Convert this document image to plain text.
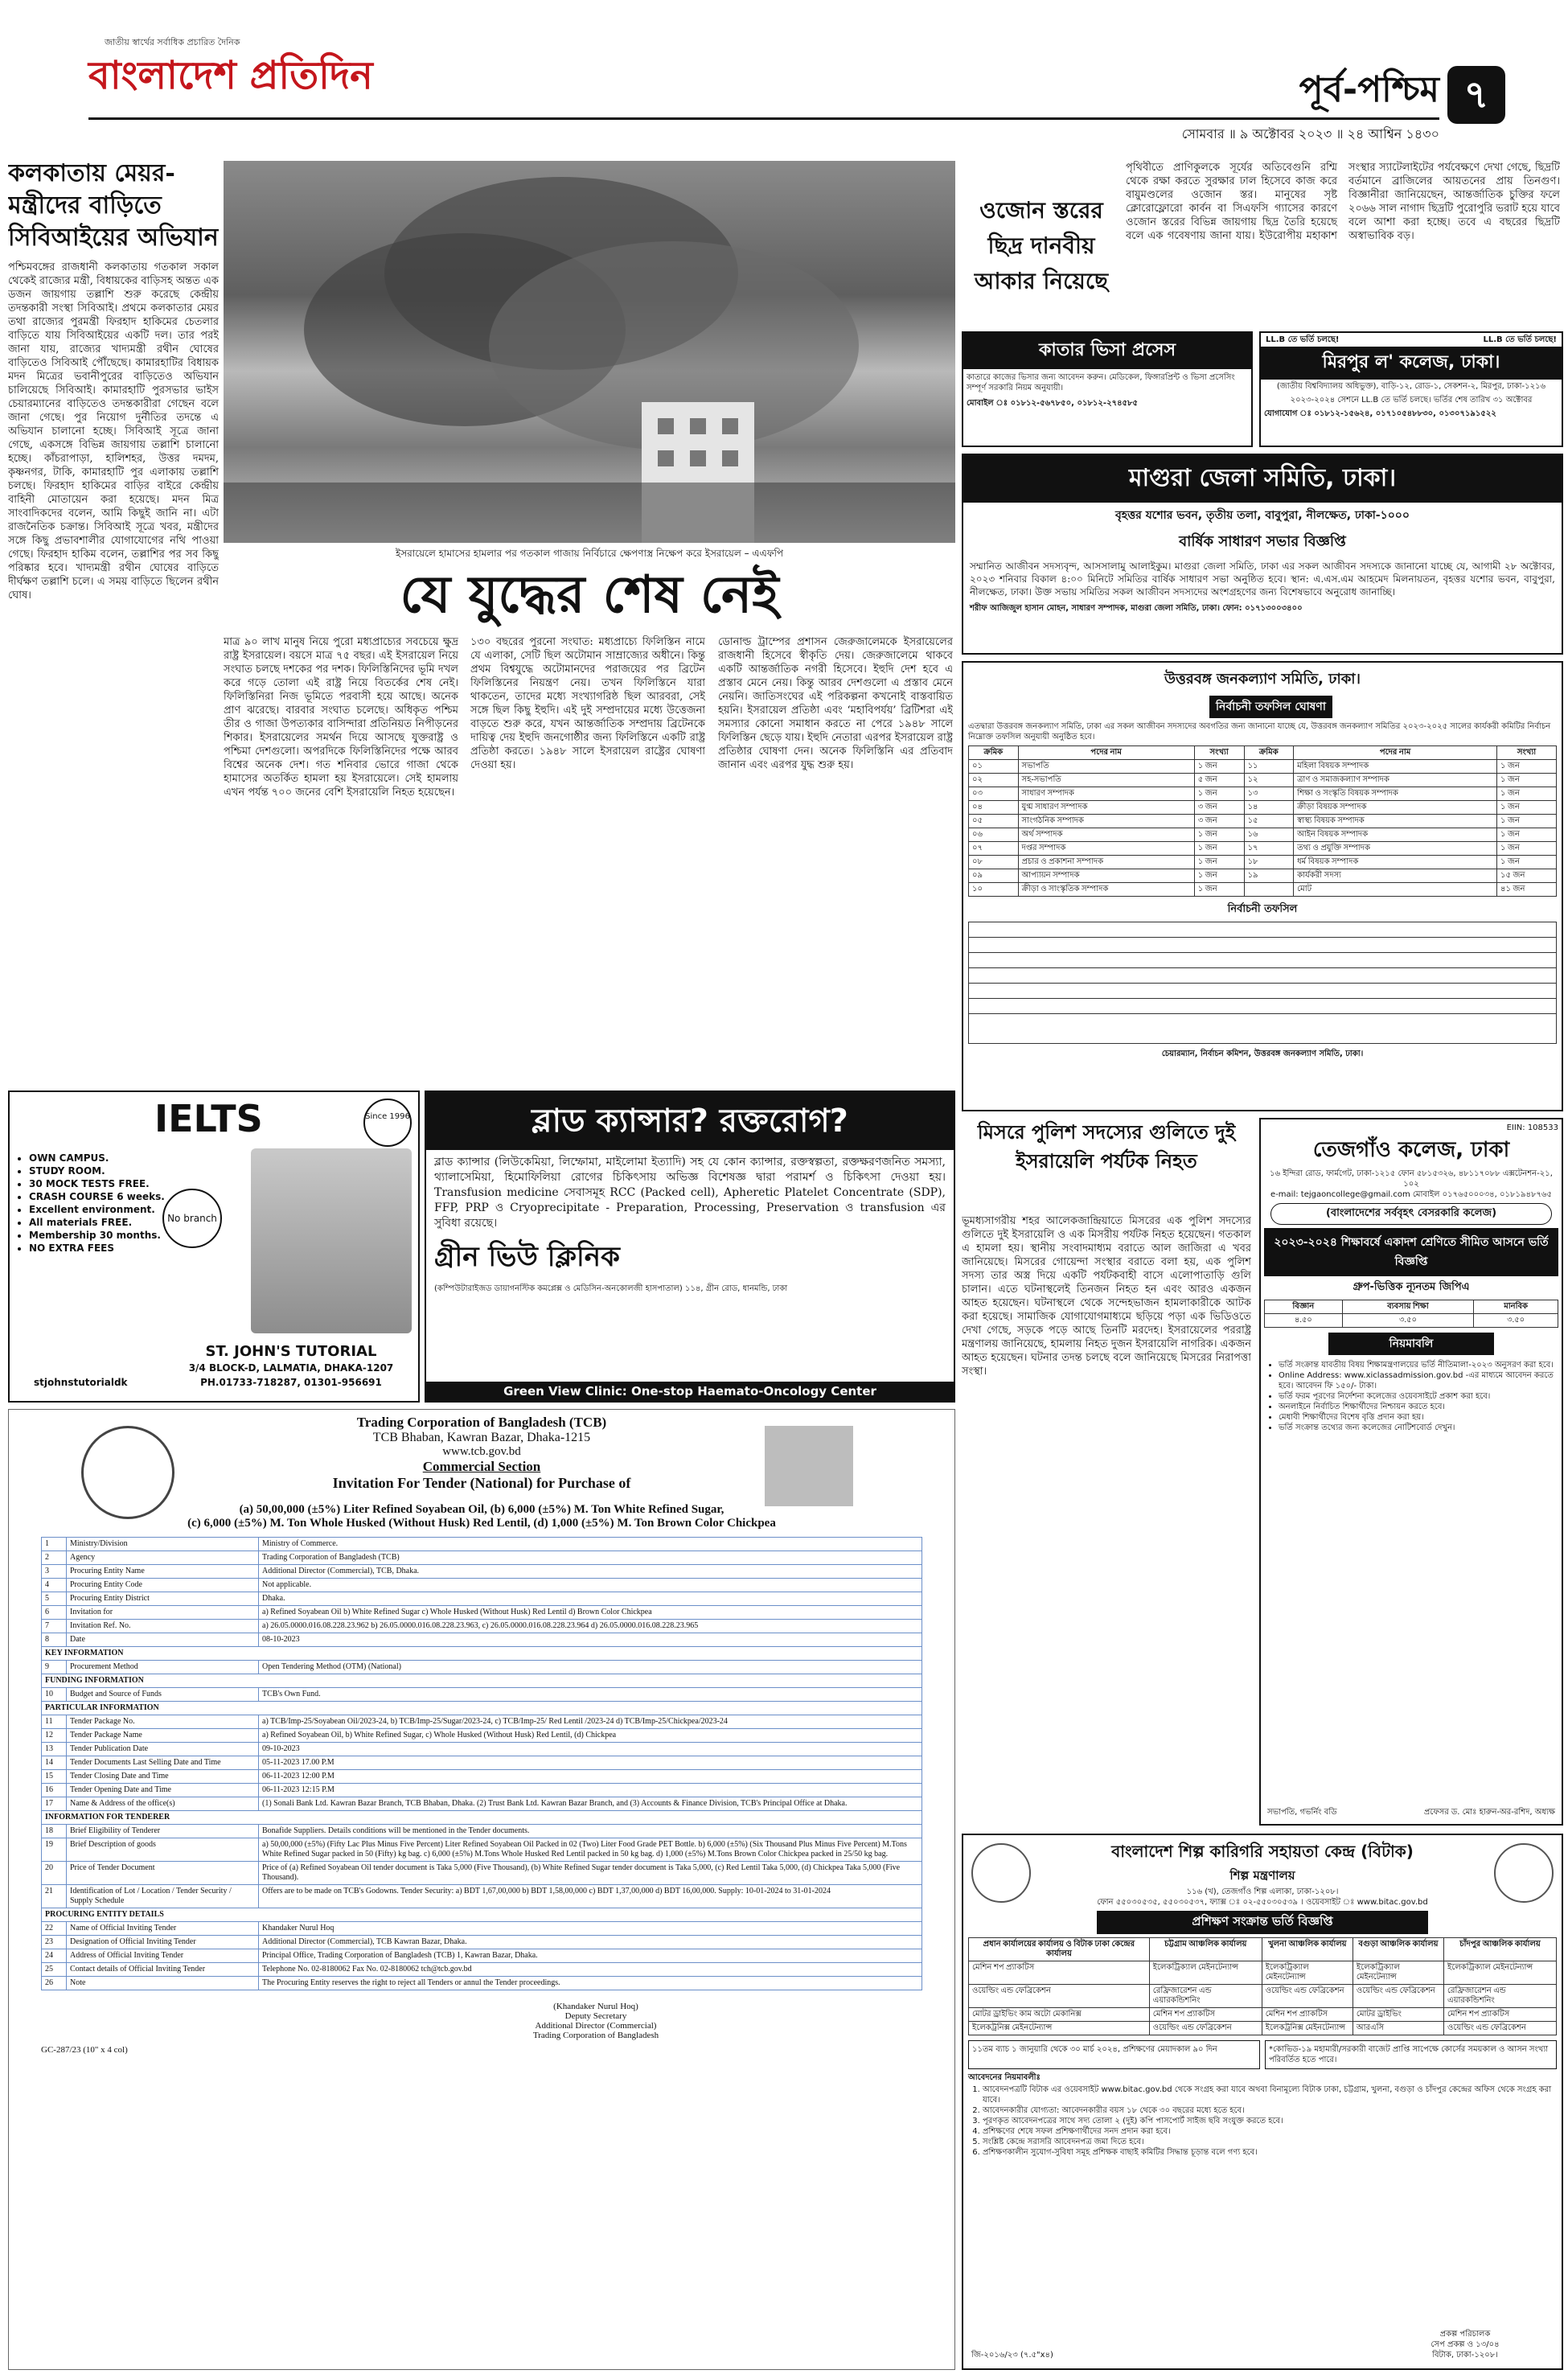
জাতীয় স্বার্থের সর্বাধিক প্রচারিত দৈনিক
বাংলাদেশ প্রতিদিন	পূর্ব-পশ্চিম ৭
সোমবার ॥ ৯ অক্টোবর ২০২৩ ॥ ২৪ আশ্বিন ১৪৩০
কলকাতায় মেয়র-মন্ত্রীদের বাড়িতে সিবিআইয়ের অভিযান
পশ্চিমবঙ্গের রাজধানী কলকাতায় গতকাল সকাল থেকেই রাজ্যের মন্ত্রী, বিধায়কের বাড়িসহ অন্তত এক ডজন জায়গায় তল্লাশি শুরু করেছে কেন্দ্রীয় তদন্তকারী সংস্থা সিবিআই। প্রথমে কলকাতার মেয়র তথা রাজ্যের পুরমন্ত্রী ফিরহাদ হাকিমের চেতলার বাড়িতে যায় সিবিআইয়ের একটি দল। তার পরই জানা যায়, রাজ্যের খাদ্যমন্ত্রী রথীন ঘোষের বাড়িতেও সিবিআই পৌঁছেছে। কামারহাটির বিধায়ক মদন মিত্রের ভবানীপুরের বাড়িতেও অভিযান চালিয়েছে সিবিআই। কামারহাটি পুরসভার ভাইস চেয়ারম্যানের বাড়িতেও তদন্তকারীরা গেছেন বলে জানা গেছে। পুর নিয়োগ দুর্নীতির তদন্তে এ অভিযান চালানো হচ্ছে। সিবিআই সূত্রে জানা গেছে, একসঙ্গে বিভিন্ন জায়গায় তল্লাশি চালানো হচ্ছে। কাঁচরাপাড়া, হালিশহর, উত্তর দমদম, কৃষ্ণনগর, টাকি, কামারহাটি পুর এলাকায় তল্লাশি চলছে। ফিরহাদ হাকিমের বাড়ির বাইরে কেন্দ্রীয় বাহিনী মোতায়েন করা হয়েছে। মদন মিত্র সাংবাদিকদের বলেন, আমি কিছুই জানি না। এটা রাজনৈতিক চক্রান্ত। সিবিআই সূত্রে খবর, মন্ত্রীদের সঙ্গে কিছু প্রভাবশালীর যোগাযোগের নথি পাওয়া গেছে। ফিরহাদ হাকিম বলেন, তল্লাশির পর সব কিছু পরিষ্কার হবে। খাদ্যমন্ত্রী রথীন ঘোষের বাড়িতে দীর্ঘক্ষণ তল্লাশি চলে। এ সময় বাড়িতে ছিলেন রথীন ঘোষ।
ইসরায়েলে হামাসের হামলার পর গতকাল গাজায় নির্বিচারে ক্ষেপণাস্ত্র নিক্ষেপ করে ইসরায়েল – এএফপি
যে যুদ্ধের শেষ নেই
মাত্র ৯০ লাখ মানুষ নিয়ে পুরো মধ্যপ্রাচ্যের সবচেয়ে ক্ষুদ্র রাষ্ট্র ইসরায়েল। বয়সে মাত্র ৭৫ বছর। এই ইসরায়েল নিয়ে সংঘাত চলছে দশকের পর দশক। ফিলিস্তিনিদের ভূমি দখল করে গড়ে তোলা এই রাষ্ট্র নিয়ে বিতর্কের শেষ নেই। ফিলিস্তিনিরা নিজ ভূমিতে পরবাসী হয়ে আছে। অনেক প্রাণ ঝরেছে। বারবার সংঘাত চলেছে। অধিকৃত পশ্চিম তীর ও গাজা উপত্যকার বাসিন্দারা প্রতিনিয়ত নিপীড়নের শিকার। ইসরায়েলের সমর্থন দিয়ে আসছে যুক্তরাষ্ট্র ও পশ্চিমা দেশগুলো। অপরদিকে ফিলিস্তিনিদের পক্ষে আরব বিশ্বের অনেক দেশ। গত শনিবার ভোরে গাজা থেকে হামাসের অতর্কিত হামলা হয় ইসরায়েলে। সেই হামলায় এখন পর্যন্ত ৭০০ জনের বেশি ইসরায়েলি নিহত হয়েছেন।
১৩০ বছরের পুরনো সংঘাত: মধ্যপ্রাচ্যে ফিলিস্তিন নামে যে এলাকা, সেটি ছিল অটোমান সাম্রাজ্যের অধীনে। কিন্তু প্রথম বিশ্বযুদ্ধে অটোমানদের পরাজয়ের পর ব্রিটেন ফিলিস্তিনের নিয়ন্ত্রণ নেয়। তখন ফিলিস্তিনে যারা থাকতেন, তাদের মধ্যে সংখ্যাগরিষ্ঠ ছিল আরবরা, সেই সঙ্গে ছিল কিছু ইহুদি। এই দুই সম্প্রদায়ের মধ্যে উত্তেজনা বাড়তে শুরু করে, যখন আন্তর্জাতিক সম্প্রদায় ব্রিটেনকে দায়িত্ব দেয় ইহুদি জনগোষ্ঠীর জন্য ফিলিস্তিনে একটি রাষ্ট্র প্রতিষ্ঠা করতে। ১৯৪৮ সালে ইসরায়েল রাষ্ট্রের ঘোষণা দেওয়া হয়।
ডোনাল্ড ট্রাম্পের প্রশাসন জেরুজালেমকে ইসরায়েলের রাজধানী হিসেবে স্বীকৃতি দেয়। জেরুজালেমে থাকবে একটি আন্তর্জাতিক নগরী হিসেবে। ইহুদি দেশ হবে এ প্রস্তাব মেনে নেয়। কিন্তু আরব দেশগুলো এ প্রস্তাব মেনে নেয়নি। জাতিসংঘের এই পরিকল্পনা কখনোই বাস্তবায়িত হয়নি। ইসরায়েল প্রতিষ্ঠা এবং ‘মহাবিপর্যয়’ ব্রিটিশরা এই সমস্যার কোনো সমাধান করতে না পেরে ১৯৪৮ সালে ফিলিস্তিন ছেড়ে যায়। ইহুদি নেতারা এরপর ইসরায়েল রাষ্ট্র প্রতিষ্ঠার ঘোষণা দেন। অনেক ফিলিস্তিনি এর প্রতিবাদ জানান এবং এরপর যুদ্ধ শুরু হয়।
ওজোন স্তরের ছিদ্র দানবীয় আকার নিয়েছে
পৃথিবীতে প্রাণিকুলকে সূর্যের অতিবেগুনি রশ্মি থেকে রক্ষা করতে সুরক্ষার ঢাল হিসেবে কাজ করে বায়ুমণ্ডলের ওজোন স্তর। মানুষের সৃষ্ট ক্লোরোফ্লোরো কার্বন বা সিএফসি গ্যাসের কারণে ওজোন স্তরের বিভিন্ন জায়গায় ছিদ্র তৈরি হয়েছে বলে এক গবেষণায় জানা যায়। ইউরোপীয় মহাকাশ সংস্থার স্যাটেলাইটের পর্যবেক্ষণে দেখা গেছে, ছিদ্রটি বর্তমানে ব্রাজিলের আয়তনের প্রায় তিনগুণ। বিজ্ঞানীরা জানিয়েছেন, আন্তর্জাতিক চুক্তির ফলে ২০৬৬ সাল নাগাদ ছিদ্রটি পুরোপুরি ভরাট হয়ে যাবে বলে আশা করা হচ্ছে। তবে এ বছরের ছিদ্রটি অস্বাভাবিক বড়।
কাতার ভিসা প্রসেস
কাতারে কাজের ভিসার জন্য আবেদন করুন। মেডিকেল, ফিঙ্গারপ্রিন্ট ও ভিসা প্রসেসিং সম্পূর্ণ সরকারি নিয়ম অনুযায়ী।
মোবাইল ঃ ০১৮১২-৫৬৭৮৫০, ০১৮১২-২৭৪৫৮৫
LL.B তে ভর্তি চলছে!	LL.B তে ভর্তি চলছে!
মিরপুর ল' কলেজ, ঢাকা।
(জাতীয় বিশ্ববিদ্যালয় অধিভুক্ত), বাড়ি-১২, রোড-১, সেকশন-২, মিরপুর, ঢাকা-১২১৬
২০২৩-২০২৪ সেশনে LL.B তে ভর্তি চলছে। ভর্তির শেষ তারিখ ৩১ অক্টোবর
যোগাযোগ ঃ ০১৮১২-১৫৬২৪, ০১৭১০৫৪৮৮৩০, ০১৩০৭১৯১৫২২
মাগুরা জেলা সমিতি, ঢাকা।
বৃহত্তর যশোর ভবন, তৃতীয় তলা, বাবুপুরা, নীলক্ষেত, ঢাকা-১০০০
বার্ষিক সাধারণ সভার বিজ্ঞপ্তি
সম্মানিত আজীবন সদস্যবৃন্দ, আসসালামু আলাইকুম। মাগুরা জেলা সমিতি, ঢাকা এর সকল আজীবন সদস্যকে জানানো যাচ্ছে যে, আগামী ২৮ অক্টোবর, ২০২৩ শনিবার বিকাল ৪:০০ মিনিটে সমিতির বার্ষিক সাধারণ সভা অনুষ্ঠিত হবে। স্থান: এ.এস.এম আহমেদ মিলনায়তন, বৃহত্তর যশোর ভবন, বাবুপুরা, নীলক্ষেত, ঢাকা। উক্ত সভায় সমিতির সকল আজীবন সদস্যদের অংশগ্রহণের জন্য বিশেষভাবে অনুরোধ জানাচ্ছি।
শরীফ আজিজুল হাসান মোহন, সাধারণ সম্পাদক, মাগুরা জেলা সমিতি, ঢাকা। ফোন: ০১৭১৩০০৩৪০০
উত্তরবঙ্গ জনকল্যাণ সমিতি, ঢাকা।
নির্বাচনী তফসিল ঘোষণা
এতদ্বারা উত্তরবঙ্গ জনকল্যাণ সমিতি, ঢাকা এর সকল আজীবন সদস্যদের অবগতির জন্য জানানো যাচ্ছে যে, উত্তরবঙ্গ জনকল্যাণ সমিতির ২০২৩-২০২৫ সালের কার্যকরী কমিটির নির্বাচন নিম্নোক্ত তফসিল অনুযায়ী অনুষ্ঠিত হবে।
ক্রমিক	পদের নাম	সংখ্যা	ক্রমিক	পদের নাম	সংখ্যা
০১	সভাপতি	১ জন	১১	মহিলা বিষয়ক সম্পাদক	১ জন
০২	সহ-সভাপতি	৫ জন	১২	ত্রাণ ও সমাজকল্যাণ সম্পাদক	১ জন
০৩	সাধারণ সম্পাদক	১ জন	১৩	শিক্ষা ও সংস্কৃতি বিষয়ক সম্পাদক	১ জন
০৪	যুগ্ম সাধারণ সম্পাদক	৩ জন	১৪	ক্রীড়া বিষয়ক সম্পাদক	১ জন
০৫	সাংগঠনিক সম্পাদক	৩ জন	১৫	স্বাস্থ্য বিষয়ক সম্পাদক	১ জন
০৬	অর্থ সম্পাদক	১ জন	১৬	আইন বিষয়ক সম্পাদক	১ জন
০৭	দপ্তর সম্পাদক	১ জন	১৭	তথ্য ও প্রযুক্তি সম্পাদক	১ জন
০৮	প্রচার ও প্রকাশনা সম্পাদক	১ জন	১৮	ধর্ম বিষয়ক সম্পাদক	১ জন
০৯	আপ্যায়ন সম্পাদক	১ জন	১৯	কার্যকরী সদস্য	১৫ জন
১০	ক্রীড়া ও সাংস্কৃতিক সম্পাদক	১ জন		মোট	৪১ জন
নির্বাচনী তফসিল
চেয়ারম্যান, নির্বাচন কমিশন, উত্তরবঙ্গ জনকল্যাণ সমিতি, ঢাকা।
IELTS	Since 1996
No branch
• OWN CAMPUS.
• STUDY ROOM.
• 30 MOCK TESTS FREE.
• CRASH COURSE 6 weeks.
• Excellent environment.
• All materials FREE.
• Membership 30 months.
• NO EXTRA FEES
ST. JOHN'S TUTORIAL
3/4 BLOCK-D, LALMATIA, DHAKA-1207
PH.01733-718287, 01301-956691
stjohnstutorialdk
ব্লাড ক্যান্সার? রক্তরোগ?
ব্লাড ক্যান্সার (লিউকেমিয়া, লিম্ফোমা, মাইলোমা ইত্যাদি) সহ যে কোন ক্যান্সার, রক্তস্বল্পতা, রক্তক্ষরণজনিত সমস্যা, থ্যালাসেমিয়া, হিমোফিলিয়া রোগের চিকিৎসায় অভিজ্ঞ বিশেষজ্ঞ দ্বারা পরামর্শ ও চিকিৎসা দেওয়া হয়। Transfusion medicine সেবাসমূহ RCC (Packed cell), Apheretic Platelet Concentrate (SDP), FFP, PRP ও Cryoprecipitate - Preparation, Processing, Preservation ও transfusion এর সুবিধা রয়েছে।
গ্রীন ভিউ ক্লিনিক
(কম্পিউটারাইজড ডায়াগনস্টিক কমপ্লেক্স ও মেডিসিন-অনকোলজী হাসপাতাল) ১১৪, গ্রীন রোড, ধানমন্ডি, ঢাকা
Green View Clinic: One-stop Haemato-Oncology Center
মিসরে পুলিশ সদস্যের গুলিতে দুই ইসরায়েলি পর্যটক নিহত
ভূমধ্যসাগরীয় শহর আলেকজান্দ্রিয়াতে মিসরের এক পুলিশ সদস্যের গুলিতে দুই ইসরায়েলি ও এক মিসরীয় পর্যটক নিহত হয়েছেন। গতকাল এ হামলা হয়। স্থানীয় সংবাদমাধ্যম বরাতে আল জাজিরা এ খবর জানিয়েছে। মিসরের গোয়েন্দা সংস্থার বরাতে বলা হয়, এক পুলিশ সদস্য তার অস্ত্র দিয়ে একটি পর্যটকবাহী বাসে এলোপাতাড়ি গুলি চালান। এতে ঘটনাস্থলেই তিনজন নিহত হন এবং আরও একজন আহত হয়েছেন। ঘটনাস্থলে থেকে সন্দেহভাজন হামলাকারীকে আটক করা হয়েছে। সামাজিক যোগাযোগমাধ্যমে ছড়িয়ে পড়া এক ভিডিওতে দেখা গেছে, সড়কে পড়ে আছে তিনটি মরদেহ। ইসরায়েলের পররাষ্ট্র মন্ত্রণালয় জানিয়েছে, হামলায় নিহত দুজন ইসরায়েলি নাগরিক। একজন আহত হয়েছেন। ঘটনার তদন্ত চলছে বলে জানিয়েছে মিসরের নিরাপত্তা সংস্থা।
EIIN: 108533
তেজগাঁও কলেজ, ঢাকা
১৬ ইন্দিরা রোড, ফার্মগেট, ঢাকা-১২১৫ ফোন ৫৮১৫৩২৬, ৪৮১১৭০৮৮ এক্সটেনশন-২১, ১০২
e-mail: tejgaoncollege@gmail.com মোবাইল ০১৭৬৫০০০৩৪, ০১৮১৯৪৮৭৬৫
(বাংলাদেশের সর্ববৃহৎ বেসরকারি কলেজ)
২০২৩-২০২৪ শিক্ষাবর্ষে একাদশ শ্রেণিতে সীমিত আসনে ভর্তি বিজ্ঞপ্তি
গ্রুপ-ভিত্তিক ন্যূনতম জিপিএ
বিজ্ঞান	ব্যবসায় শিক্ষা	মানবিক
৪.৫০	৩.৫০	৩.৫০
নিয়মাবলি
• ভর্তি সংক্রান্ত যাবতীয় বিষয় শিক্ষামন্ত্রণালয়ের ভর্তি নীতিমালা-২০২৩ অনুসরণ করা হবে।
• Online Address: www.xiclassadmission.gov.bd -এর মাধ্যমে আবেদন করতে হবে। আবেদন ফি ১৫০/- টাকা।
• ভর্তি ফরম পূরণের নির্দেশনা কলেজের ওয়েবসাইটে প্রকাশ করা হবে।
• অনলাইনে নির্বাচিত শিক্ষার্থীদের নিশ্চায়ন করতে হবে।
• মেধাবী শিক্ষার্থীদের বিশেষ বৃত্তি প্রদান করা হয়।
• ভর্তি সংক্রান্ত তথ্যের জন্য কলেজের নোটিশবোর্ড দেখুন।
সভাপতি, গভর্নিং বডি	প্রফেসর ড. মোঃ হারুন-অর-রশিদ, অধ্যক্ষ
Trading Corporation of Bangladesh (TCB)
TCB Bhaban, Kawran Bazar, Dhaka-1215
www.tcb.gov.bd
Commercial Section
Invitation For Tender (National) for Purchase of
(a) 50,00,000 (±5%) Liter Refined Soyabean Oil, (b) 6,000 (±5%) M. Ton White Refined Sugar,
(c) 6,000 (±5%) M. Ton Whole Husked (Without Husk) Red Lentil, (d) 1,000 (±5%) M. Ton Brown Color Chickpea
1	Ministry/Division	Ministry of Commerce.
2	Agency	Trading Corporation of Bangladesh (TCB)
3	Procuring Entity Name	Additional Director (Commercial), TCB, Dhaka.
4	Procuring Entity Code	Not applicable.
5	Procuring Entity District	Dhaka.
6	Invitation for	a) Refined Soyabean Oil b) White Refined Sugar c) Whole Husked (Without Husk) Red Lentil d) Brown Color Chickpea
7	Invitation Ref. No.	a) 26.05.0000.016.08.228.23.962 b) 26.05.0000.016.08.228.23.963, c) 26.05.0000.016.08.228.23.964 d) 26.05.0000.016.08.228.23.965
8	Date	08-10-2023
KEY INFORMATION		
9	Procurement Method	Open Tendering Method (OTM) (National)
FUNDING INFORMATION		
10	Budget and Source of Funds	TCB's Own Fund.
PARTICULAR INFORMATION		
11	Tender Package No.	a) TCB/Imp-25/Soyabean Oil/2023-24, b) TCB/Imp-25/Sugar/2023-24, c) TCB/Imp-25/ Red Lentil /2023-24 d) TCB/Imp-25/Chickpea/2023-24
12	Tender Package Name	a) Refined Soyabean Oil, b) White Refined Sugar, c) Whole Husked (Without Husk) Red Lentil, (d) Chickpea
13	Tender Publication Date	09-10-2023
14	Tender Documents Last Selling Date and Time	05-11-2023 17.00 P.M
15	Tender Closing Date and Time	06-11-2023 12:00 P.M
16	Tender Opening Date and Time	06-11-2023 12:15 P.M
17	Name & Address of the office(s)	(1) Sonali Bank Ltd. Kawran Bazar Branch, TCB Bhaban, Dhaka. (2) Trust Bank Ltd. Kawran Bazar Branch, and (3) Accounts & Finance Division, TCB's Principal Office at Dhaka.
INFORMATION FOR TENDERER		
18	Brief Eligibility of Tenderer	Bonafide Suppliers. Details conditions will be mentioned in the Tender documents.
19	Brief Description of goods	a) 50,00,000 (±5%) (Fifty Lac Plus Minus Five Percent) Liter Refined Soyabean Oil Packed in 02 (Two) Liter Food Grade PET Bottle. b) 6,000 (±5%) (Six Thousand Plus Minus Five Percent) M.Tons White Refined Sugar packed in 50 (Fifty) kg bag. c) 6,000 (±5%) M.Tons Whole Husked Red Lentil packed in 50 kg bag. d) 1,000 (±5%) M.Tons Brown Color Chickpea packed in 25/50 kg bag.
20	Price of Tender Document	Price of (a) Refined Soyabean Oil tender document is Taka 5,000 (Five Thousand), (b) White Refined Sugar tender document is Taka 5,000, (c) Red Lentil Taka 5,000, (d) Chickpea Taka 5,000 (Five Thousand).
21	Identification of Lot / Location / Tender Security / Supply Schedule	Offers are to be made on TCB's Godowns. Tender Security: a) BDT 1,67,00,000 b) BDT 1,58,00,000 c) BDT 1,37,00,000 d) BDT 16,00,000. Supply: 10-01-2024 to 31-01-2024
PROCURING ENTITY DETAILS		
22	Name of Official Inviting Tender	Khandaker Nurul Hoq
23	Designation of Official Inviting Tender	Additional Director (Commercial), TCB Kawran Bazar, Dhaka.
24	Address of Official Inviting Tender	Principal Office, Trading Corporation of Bangladesh (TCB) 1, Kawran Bazar, Dhaka.
25	Contact details of Official Inviting Tender	Telephone No. 02-8180062 Fax No. 02-8180062 tch@tcb.gov.bd
26	Note	The Procuring Entity reserves the right to reject all Tenders or annul the Tender proceedings.
(Khandaker Nurul Hoq)
Deputy Secretary
Additional Director (Commercial)
Trading Corporation of Bangladesh
GC-287/23 (10" x 4 col)
বাংলাদেশ শিল্প কারিগরি সহায়তা কেন্দ্র (বিটাক)
শিল্প মন্ত্রণালয়
১১৬ (খ), তেজগাঁও শিল্প এলাকা, ঢাকা-১২০৮।
ফোন ৫৫০৩০৫৩৫, ৫৫০৩০৫৩৭, ফ্যাক্স ঃ ০২-৫৫০৩০৫৩৯ । ওয়েবসাইট ঃ www.bitac.gov.bd
প্রশিক্ষণ সংক্রান্ত ভর্তি বিজ্ঞপ্তি
প্রধান কার্যালয়ের কার্যালয় ও বিটাক ঢাকা কেন্দ্রের কার্যালয়	চট্টগ্রাম আঞ্চলিক কার্যালয়	খুলনা আঞ্চলিক কার্যালয়	বগুড়া আঞ্চলিক কার্যালয়	চাঁদপুর আঞ্চলিক কার্যালয়
মেশিন শপ প্র্যাকটিস	ইলেকট্রিক্যাল মেইনটেন্যান্স	ইলেকট্রিক্যাল মেইনটেন্যান্স	ইলেকট্রিক্যাল মেইনটেন্যান্স	ইলেকট্রিক্যাল মেইনটেন্যান্স
ওয়েল্ডিং এন্ড ফেব্রিকেশন	রেফ্রিজারেশন এন্ড এয়ারকন্ডিশনিং	ওয়েল্ডিং এন্ড ফেব্রিকেশন	ওয়েল্ডিং এন্ড ফেব্রিকেশন	রেফ্রিজারেশন এন্ড এয়ারকন্ডিশনিং
মোটর ড্রাইভিং কাম অটো মেকানিক্স	মেশিন শপ প্র্যাকটিস	মেশিন শপ প্র্যাকটিস	মোটর ড্রাইভিং	মেশিন শপ প্র্যাকটিস
ইলেকট্রনিক্স মেইনটেন্যান্স	ওয়েল্ডিং এন্ড ফেব্রিকেশন	ইলেকট্রনিক্স মেইনটেন্যান্স	আরএসি	ওয়েল্ডিং এন্ড ফেব্রিকেশন
১১তম ব্যাচ ১ জানুয়ারি থেকে ৩০ মার্চ ২০২৪, প্রশিক্ষণের মেয়াদকাল ৯০ দিন	*কোভিড-১৯ মহামারী/সরকারী বাজেট প্রাপ্তি সাপেক্ষে কোর্সের সময়কাল ও আসন সংখ্যা পরিবর্তিত হতে পারে।
আবেদনের নিয়মাবলীঃ
1. আবেদনপত্রটি বিটাক এর ওয়েবসাইট www.bitac.gov.bd থেকে সংগ্রহ করা যাবে অথবা বিনামূল্যে বিটাক ঢাকা, চট্টগ্রাম, খুলনা, বগুড়া ও চাঁদপুর কেন্দ্রের অফিস থেকে সংগ্রহ করা যাবে।
2. আবেদনকারীর যোগ্যতা: আবেদনকারীর বয়স ১৮ থেকে ৩০ বছরের মধ্যে হতে হবে।
3. পূরণকৃত আবেদনপত্রের সাথে সদ্য তোলা ২ (দুই) কপি পাসপোর্ট সাইজ ছবি সংযুক্ত করতে হবে।
4. প্রশিক্ষণের শেষে সফল প্রশিক্ষণার্থীদের সনদ প্রদান করা হবে।
5. সংশ্লিষ্ট কেন্দ্রে সরাসরি আবেদনপত্র জমা দিতে হবে।
6. প্রশিক্ষণকালীন সুযোগ-সুবিধা সমূহ প্রশিক্ষক বাছাই কমিটির সিদ্ধান্ত চূড়ান্ত বলে গণ্য হবে।
প্রকল্প পরিচালক
সেপ প্রকল্প ও ১৩/০৪
বিটাক, ঢাকা-১২০৮।
জি-২০১৬/২৩ (৭.৫"x৪)
